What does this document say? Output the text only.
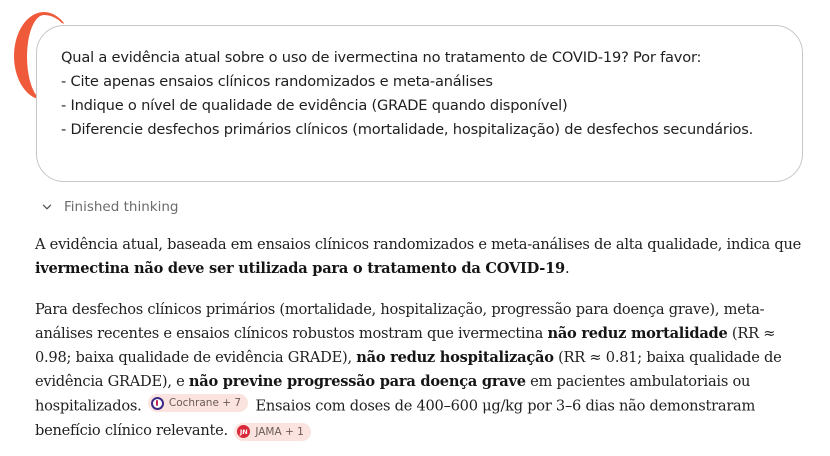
Qual a evidência atual sobre o uso de ivermectina no tratamento de COVID-19? Por favor:
- Cite apenas ensaios clínicos randomizados e meta-análises
- Indique o nível de qualidade de evidência (GRADE quando disponível)
- Diferencie desfechos primários clínicos (mortalidade, hospitalização) de desfechos secundários.
Finished thinking

A evidência atual, baseada em ensaios clínicos randomizados e meta-análises de alta qualidade, indica que ivermectina não deve ser utilizada para o tratamento da COVID-19.

Para desfechos clínicos primários (mortalidade, hospitalização, progressão para doença grave), meta-análises recentes e ensaios clínicos robustos mostram que ivermectina não reduz mortalidade (RR ≈ 0.98; baixa qualidade de evidência GRADE), não reduz hospitalização (RR ≈ 0.81; baixa qualidade de evidência GRADE), e não previne progressão para doença grave em pacientes ambulatoriais ou hospitalizados.	Cochrane + 7 Ensaios com doses de 400–600 μg/kg por 3–6 dias não demonstraram benefício clínico relevante.	JN JAMA + 1
